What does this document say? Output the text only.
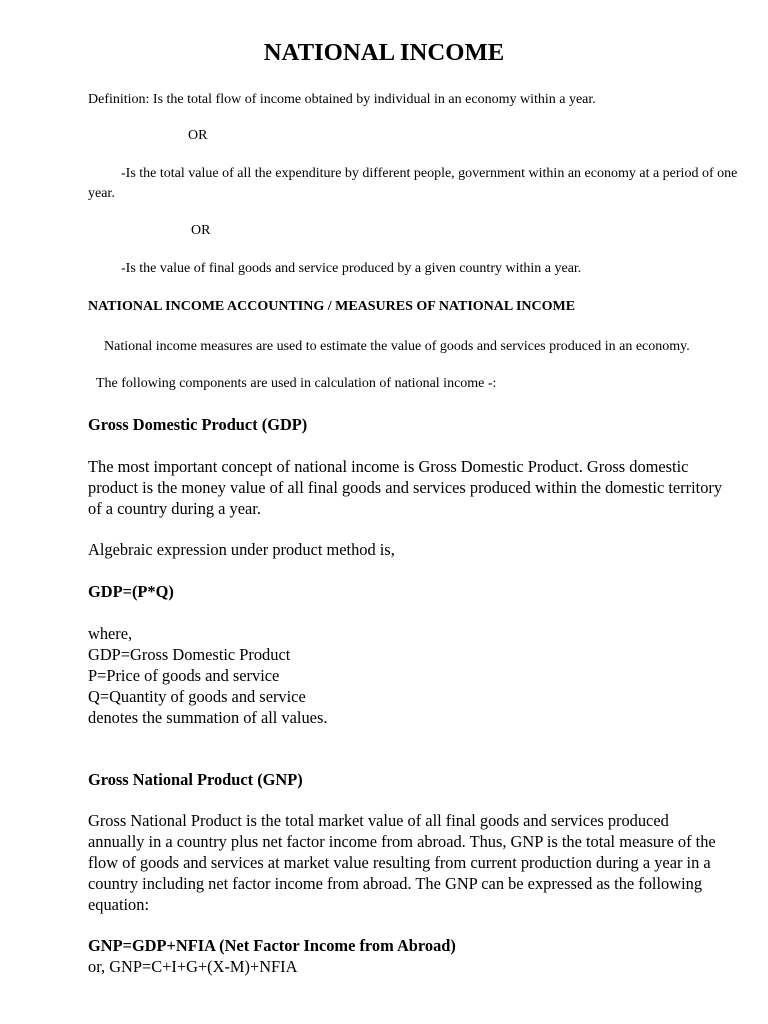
NATIONAL INCOME
Definition: Is the total flow of income obtained by individual in an economy within a year.
OR
-Is the total value of all the expenditure by different people, government within an economy at a period of one
year.
OR
-Is the value of final goods and service produced by a given country within a year.
NATIONAL INCOME ACCOUNTING / MEASURES OF NATIONAL INCOME
National income measures are used to estimate the value of goods and services produced in an economy.
The following components are used in calculation of national income -:
Gross Domestic Product (GDP)
The most important concept of national income is Gross Domestic Product. Gross domestic
product is the money value of all final goods and services produced within the domestic territory
of a country during a year.
Algebraic expression under product method is,
GDP=(P*Q)
where,
GDP=Gross Domestic Product
P=Price of goods and service
Q=Quantity of goods and service
denotes the summation of all values.
Gross National Product (GNP)
Gross National Product is the total market value of all final goods and services produced
annually in a country plus net factor income from abroad. Thus, GNP is the total measure of the
flow of goods and services at market value resulting from current production during a year in a
country including net factor income from abroad. The GNP can be expressed as the following
equation:
GNP=GDP+NFIA (Net Factor Income from Abroad)
or, GNP=C+I+G+(X-M)+NFIA
